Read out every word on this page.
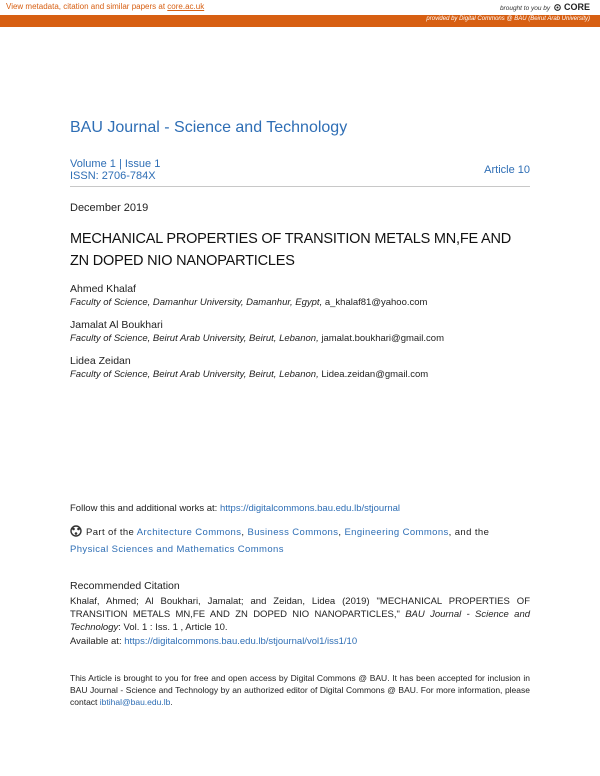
View metadata, citation and similar papers at core.ac.uk	brought to you by CORE
provided by Digital Commons @ BAU (Beirut Arab University)
BAU Journal - Science and Technology
Volume 1 | Issue 1
ISSN: 2706-784X	Article 10
December 2019
MECHANICAL PROPERTIES OF TRANSITION METALS MN,FE AND ZN DOPED NIO NANOPARTICLES
Ahmed Khalaf
Faculty of Science, Damanhur University, Damanhur, Egypt, a_khalaf81@yahoo.com
Jamalat Al Boukhari
Faculty of Science, Beirut Arab University, Beirut, Lebanon, jamalat.boukhari@gmail.com
Lidea Zeidan
Faculty of Science, Beirut Arab University, Beirut, Lebanon, Lidea.zeidan@gmail.com
Follow this and additional works at: https://digitalcommons.bau.edu.lb/stjournal
Part of the Architecture Commons, Business Commons, Engineering Commons, and the Physical Sciences and Mathematics Commons
Recommended Citation
Khalaf, Ahmed; Al Boukhari, Jamalat; and Zeidan, Lidea (2019) "MECHANICAL PROPERTIES OF TRANSITION METALS MN,FE AND ZN DOPED NIO NANOPARTICLES," BAU Journal - Science and Technology: Vol. 1 : Iss. 1 , Article 10.
Available at: https://digitalcommons.bau.edu.lb/stjournal/vol1/iss1/10
This Article is brought to you for free and open access by Digital Commons @ BAU. It has been accepted for inclusion in BAU Journal - Science and Technology by an authorized editor of Digital Commons @ BAU. For more information, please contact ibtihal@bau.edu.lb.
